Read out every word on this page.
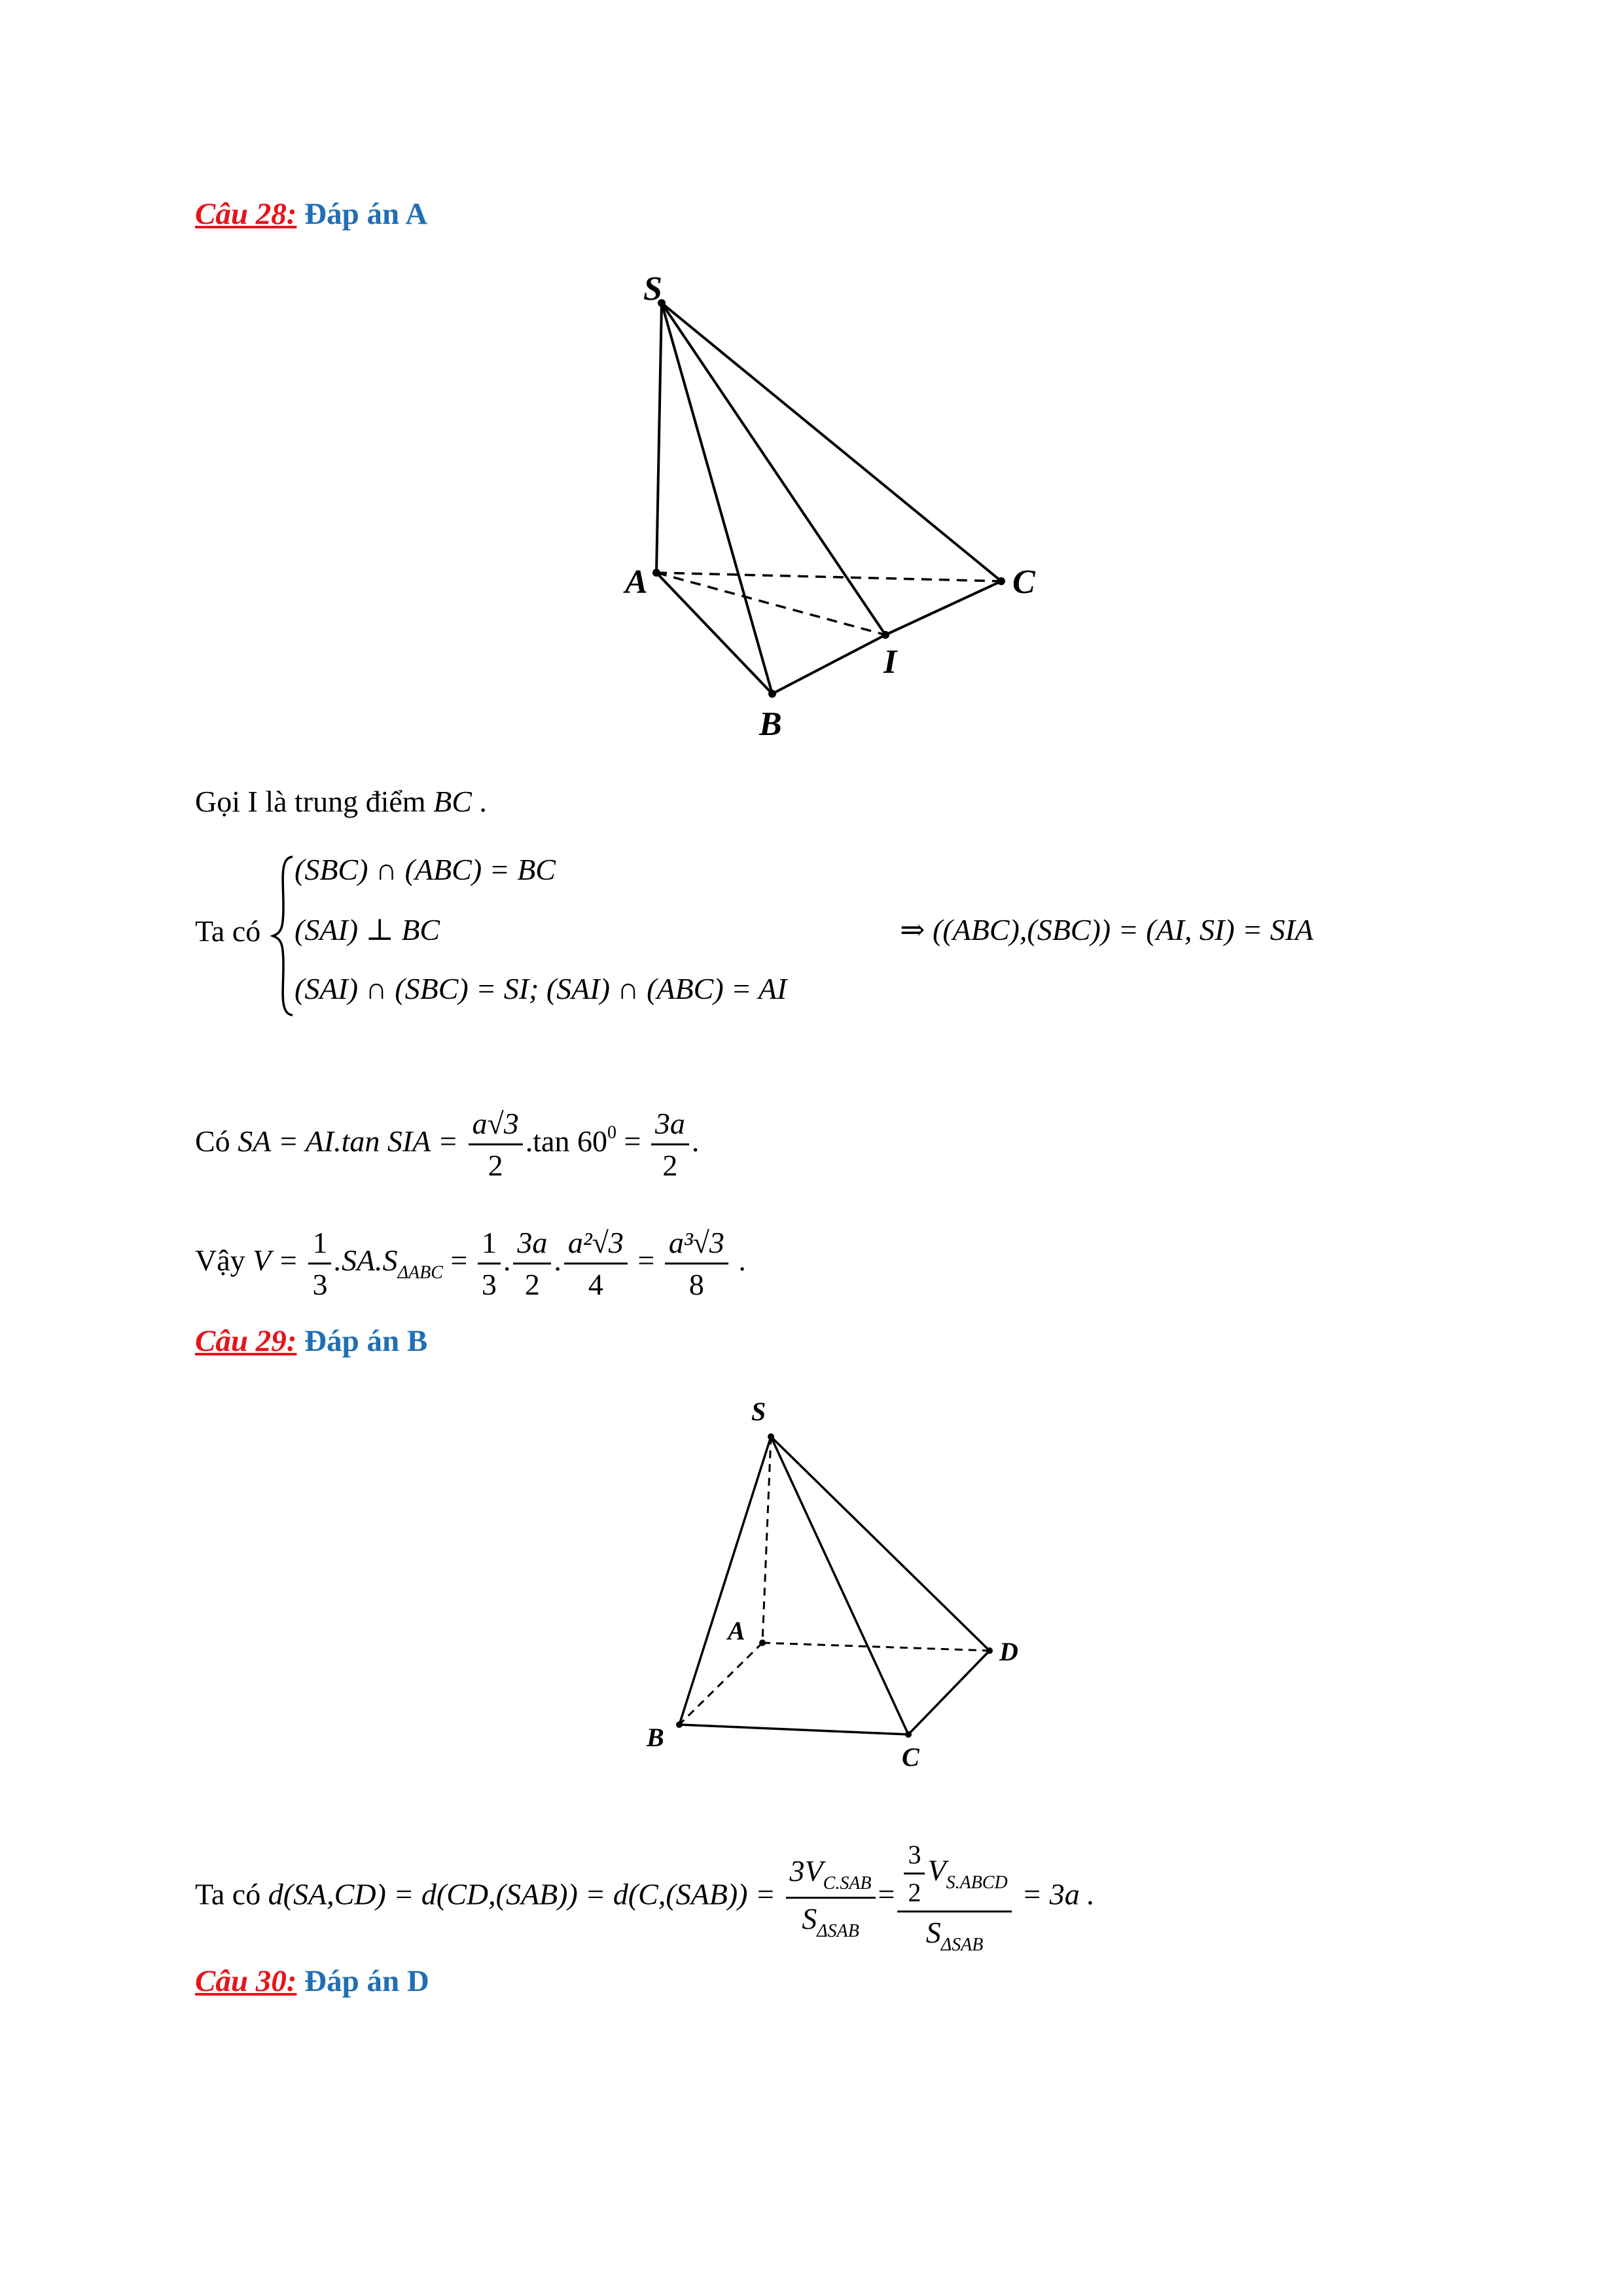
Câu 28: Đáp án A
S
A	C
I
B
Gọi I là trung điểm BC .
Ta có
(SBC) ∩ (ABC) = BC
(SAI) ⊥ BC
(SAI) ∩ (SBC) = SI; (SAI) ∩ (ABC) = AI
⇒ ((ABC),(SBC)) = (AI, SI) = SIA
Có SA = AI.tan SIA = $\frac{a√3}{2} .\tan$ $60^0 = \frac{3a}{2}$ .
Vậy $V = \frac{1}{3} .SA.S_{\Delta ABC} = \frac{1}{3}$ . $\frac{3a}{2}$ . $\frac{\text{a²√3}}{4} = \frac{\text{a³√3}}{8}$ .
Câu 29: Đáp án B
S
A
D
B
C
Ta có $d(SA,CD) = d(CD,(SAB)) = d(C,(SAB)) = \frac{3V_{C.SAB}}{S_{\Delta SAB}} = \frac{\frac{3}{2} V_{S.ABCD}}{S_{\Delta SAB}} = 3a$ .
Câu 30: Đáp án D
